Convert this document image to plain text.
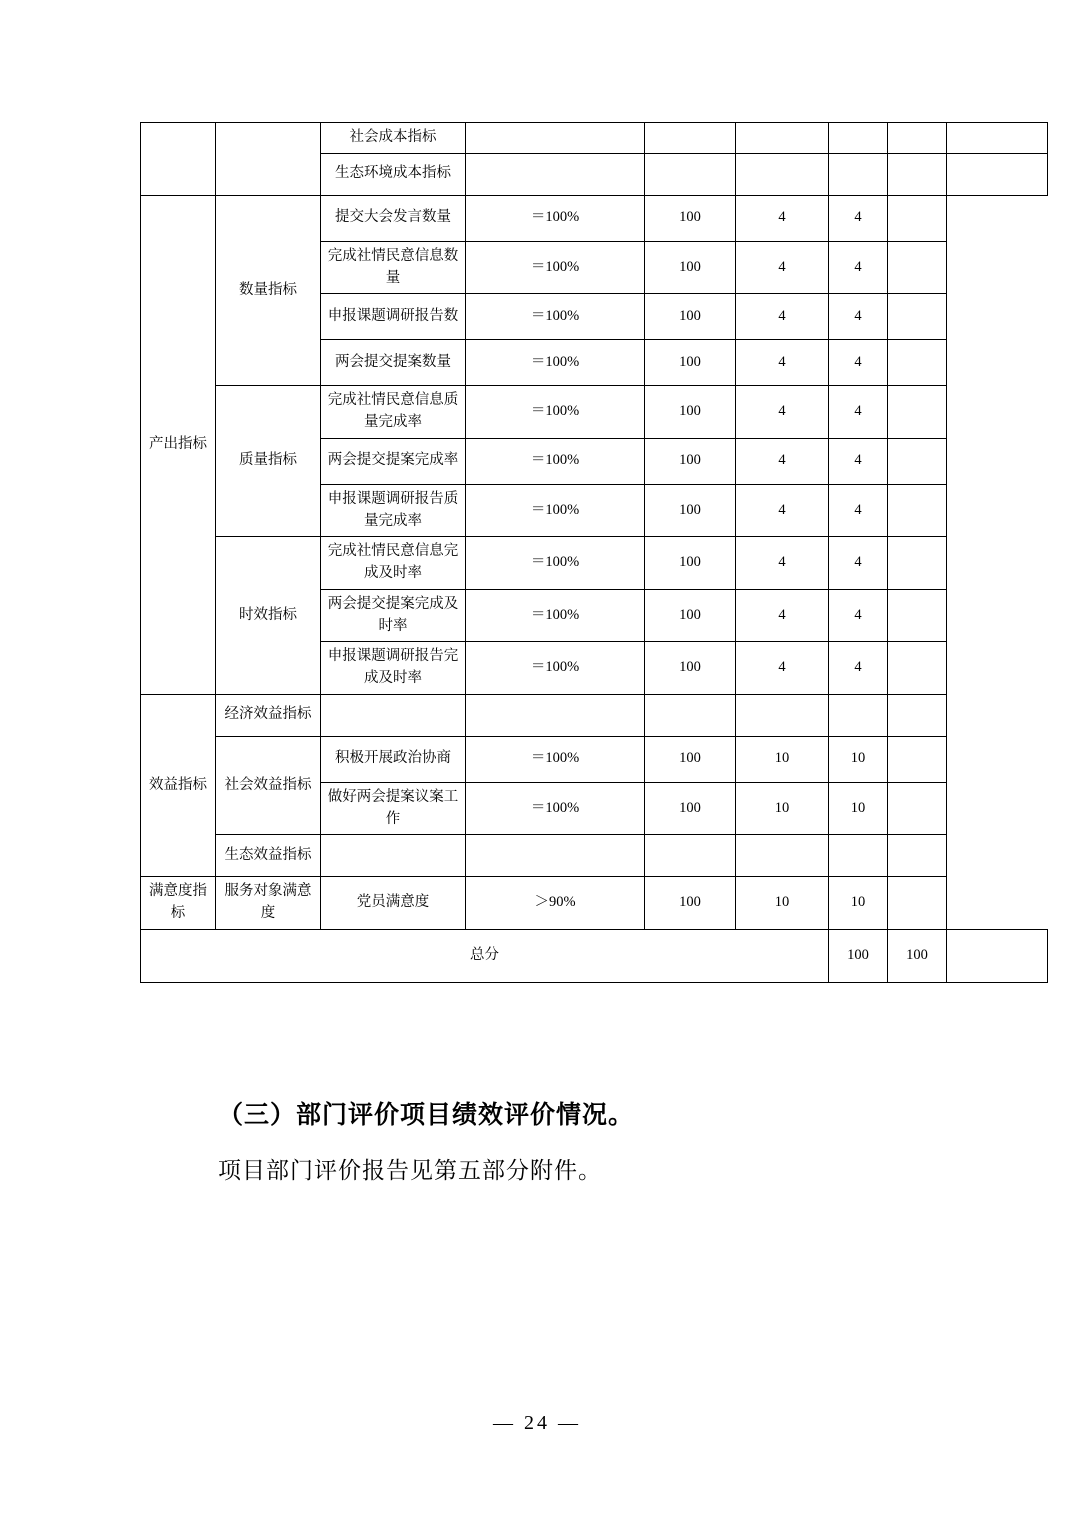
		社会成本指标						
		生态环境成本指标						
产出指标	数量指标	提交大会发言数量	＝100%	100	4	4		
		完成社情民意信息数量	＝100%	100	4	4		
		申报课题调研报告数	＝100%	100	4	4		
		两会提交提案数量	＝100%	100	4	4		
	质量指标	完成社情民意信息质量完成率	＝100%	100	4	4		
		两会提交提案完成率	＝100%	100	4	4		
		申报课题调研报告质量完成率	＝100%	100	4	4		
	时效指标	完成社情民意信息完成及时率	＝100%	100	4	4		
		两会提交提案完成及时率	＝100%	100	4	4		
		申报课题调研报告完成及时率	＝100%	100	4	4		
效益指标	经济效益指标							
	社会效益指标	积极开展政治协商	＝100%	100	10	10		
		做好两会提案议案工作	＝100%	100	10	10		
	生态效益指标							
满意度指标	服务对象满意度	党员满意度	＞90%	100	10	10		
总分						100	100	
（三）部门评价项目绩效评价情况。
项目部门评价报告见第五部分附件。
— 24 —
